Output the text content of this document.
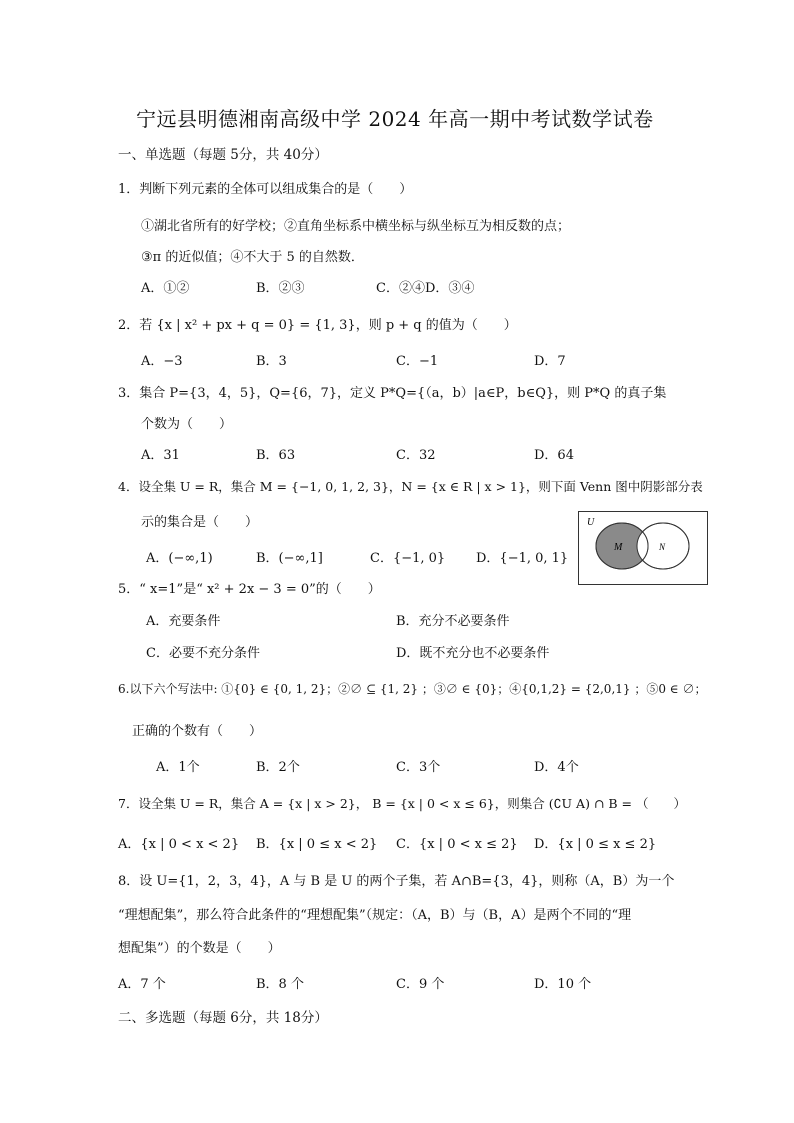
宁远县明德湘南高级中学 2024 年高一期中考试数学试卷
一、单选题（每题 5分，共 40分）
1．判断下列元素的全体可以组成集合的是（　　）
①湖北省所有的好学校；②直角坐标系中横坐标与纵坐标互为相反数的点；
③π 的近似值；④不大于 5 的自然数．
A．①②	B．②③	C．②④D．③④
2．若 {x | x² + px + q = 0} = {1, 3}，则 p + q 的值为（　　）
A．−3	B．3	C．−1	D．7
3．集合 P={3，4，5}，Q={6，7}，定义 P*Q={（a，b）|a∈P，b∈Q}，则 P*Q 的真子集
个数为（　　）
A．31	B．63	C．32	D．64
4．设全集 U = R，集合 M = {−1, 0, 1, 2, 3}，N = {x ∈ R | x > 1}，则下面 Venn 图中阴影部分表
示的集合是（　　）
A．(−∞,1)	B．(−∞,1]	C．{−1, 0} D．{−1, 0, 1}
U
M	N
5．“ x=1”是“ x² + 2x − 3 = 0”的（　　）
A．充要条件	B．充分不必要条件
C．必要不充分条件	D．既不充分也不必要条件
6.以下六个写法中: ①{0} ∈ {0, 1, 2}；②∅ ⊆ {1, 2} ；③∅ ∈ {0}；④{0,1,2} = {2,0,1} ；⑤0 ∈ ∅；
正确的个数有（　　）
A．1个	B．2个	C．3个	D．4个
7．设全集 U = R，集合 A = {x | x > 2}， B = {x | 0 < x ≤ 6}，则集合 (∁U A) ∩ B = （　　）
A．{x | 0 < x < 2} B．{x | 0 ≤ x < 2} C．{x | 0 < x ≤ 2} D．{x | 0 ≤ x ≤ 2}
8．设 U={1，2，3，4}，A 与 B 是 U 的两个子集，若 A∩B={3，4}，则称（A，B）为一个
“理想配集”，那么符合此条件的“理想配集”（规定：（A，B）与（B，A）是两个不同的“理
想配集”）的个数是（　　）
A．7 个	B．8 个	C．9 个	D．10 个
二、多选题（每题 6分，共 18分）
